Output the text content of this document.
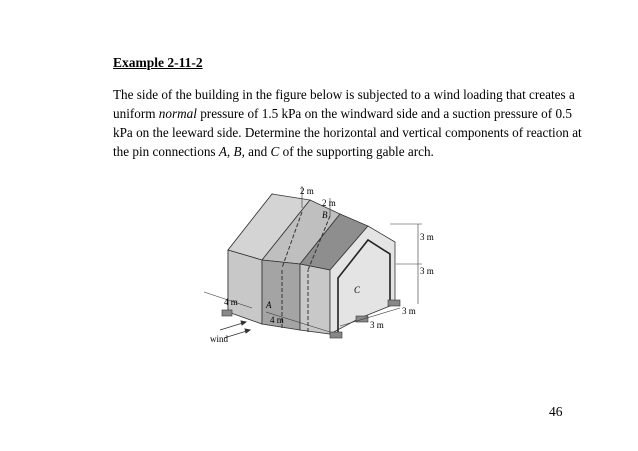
Example 2-11-2

The side of the building in the figure below is subjected to a wind loading that creates a uniform normal pressure of 1.5 kPa on the windward side and a suction pressure of 0.5 kPa on the leeward side. Determine the horizontal and vertical components of reaction at the pin connections A, B, and C of the supporting gable arch.

2 m
2 m
B
3 m
3 m
C
3 m
3 m
4 m	A
4 m
wind
46
